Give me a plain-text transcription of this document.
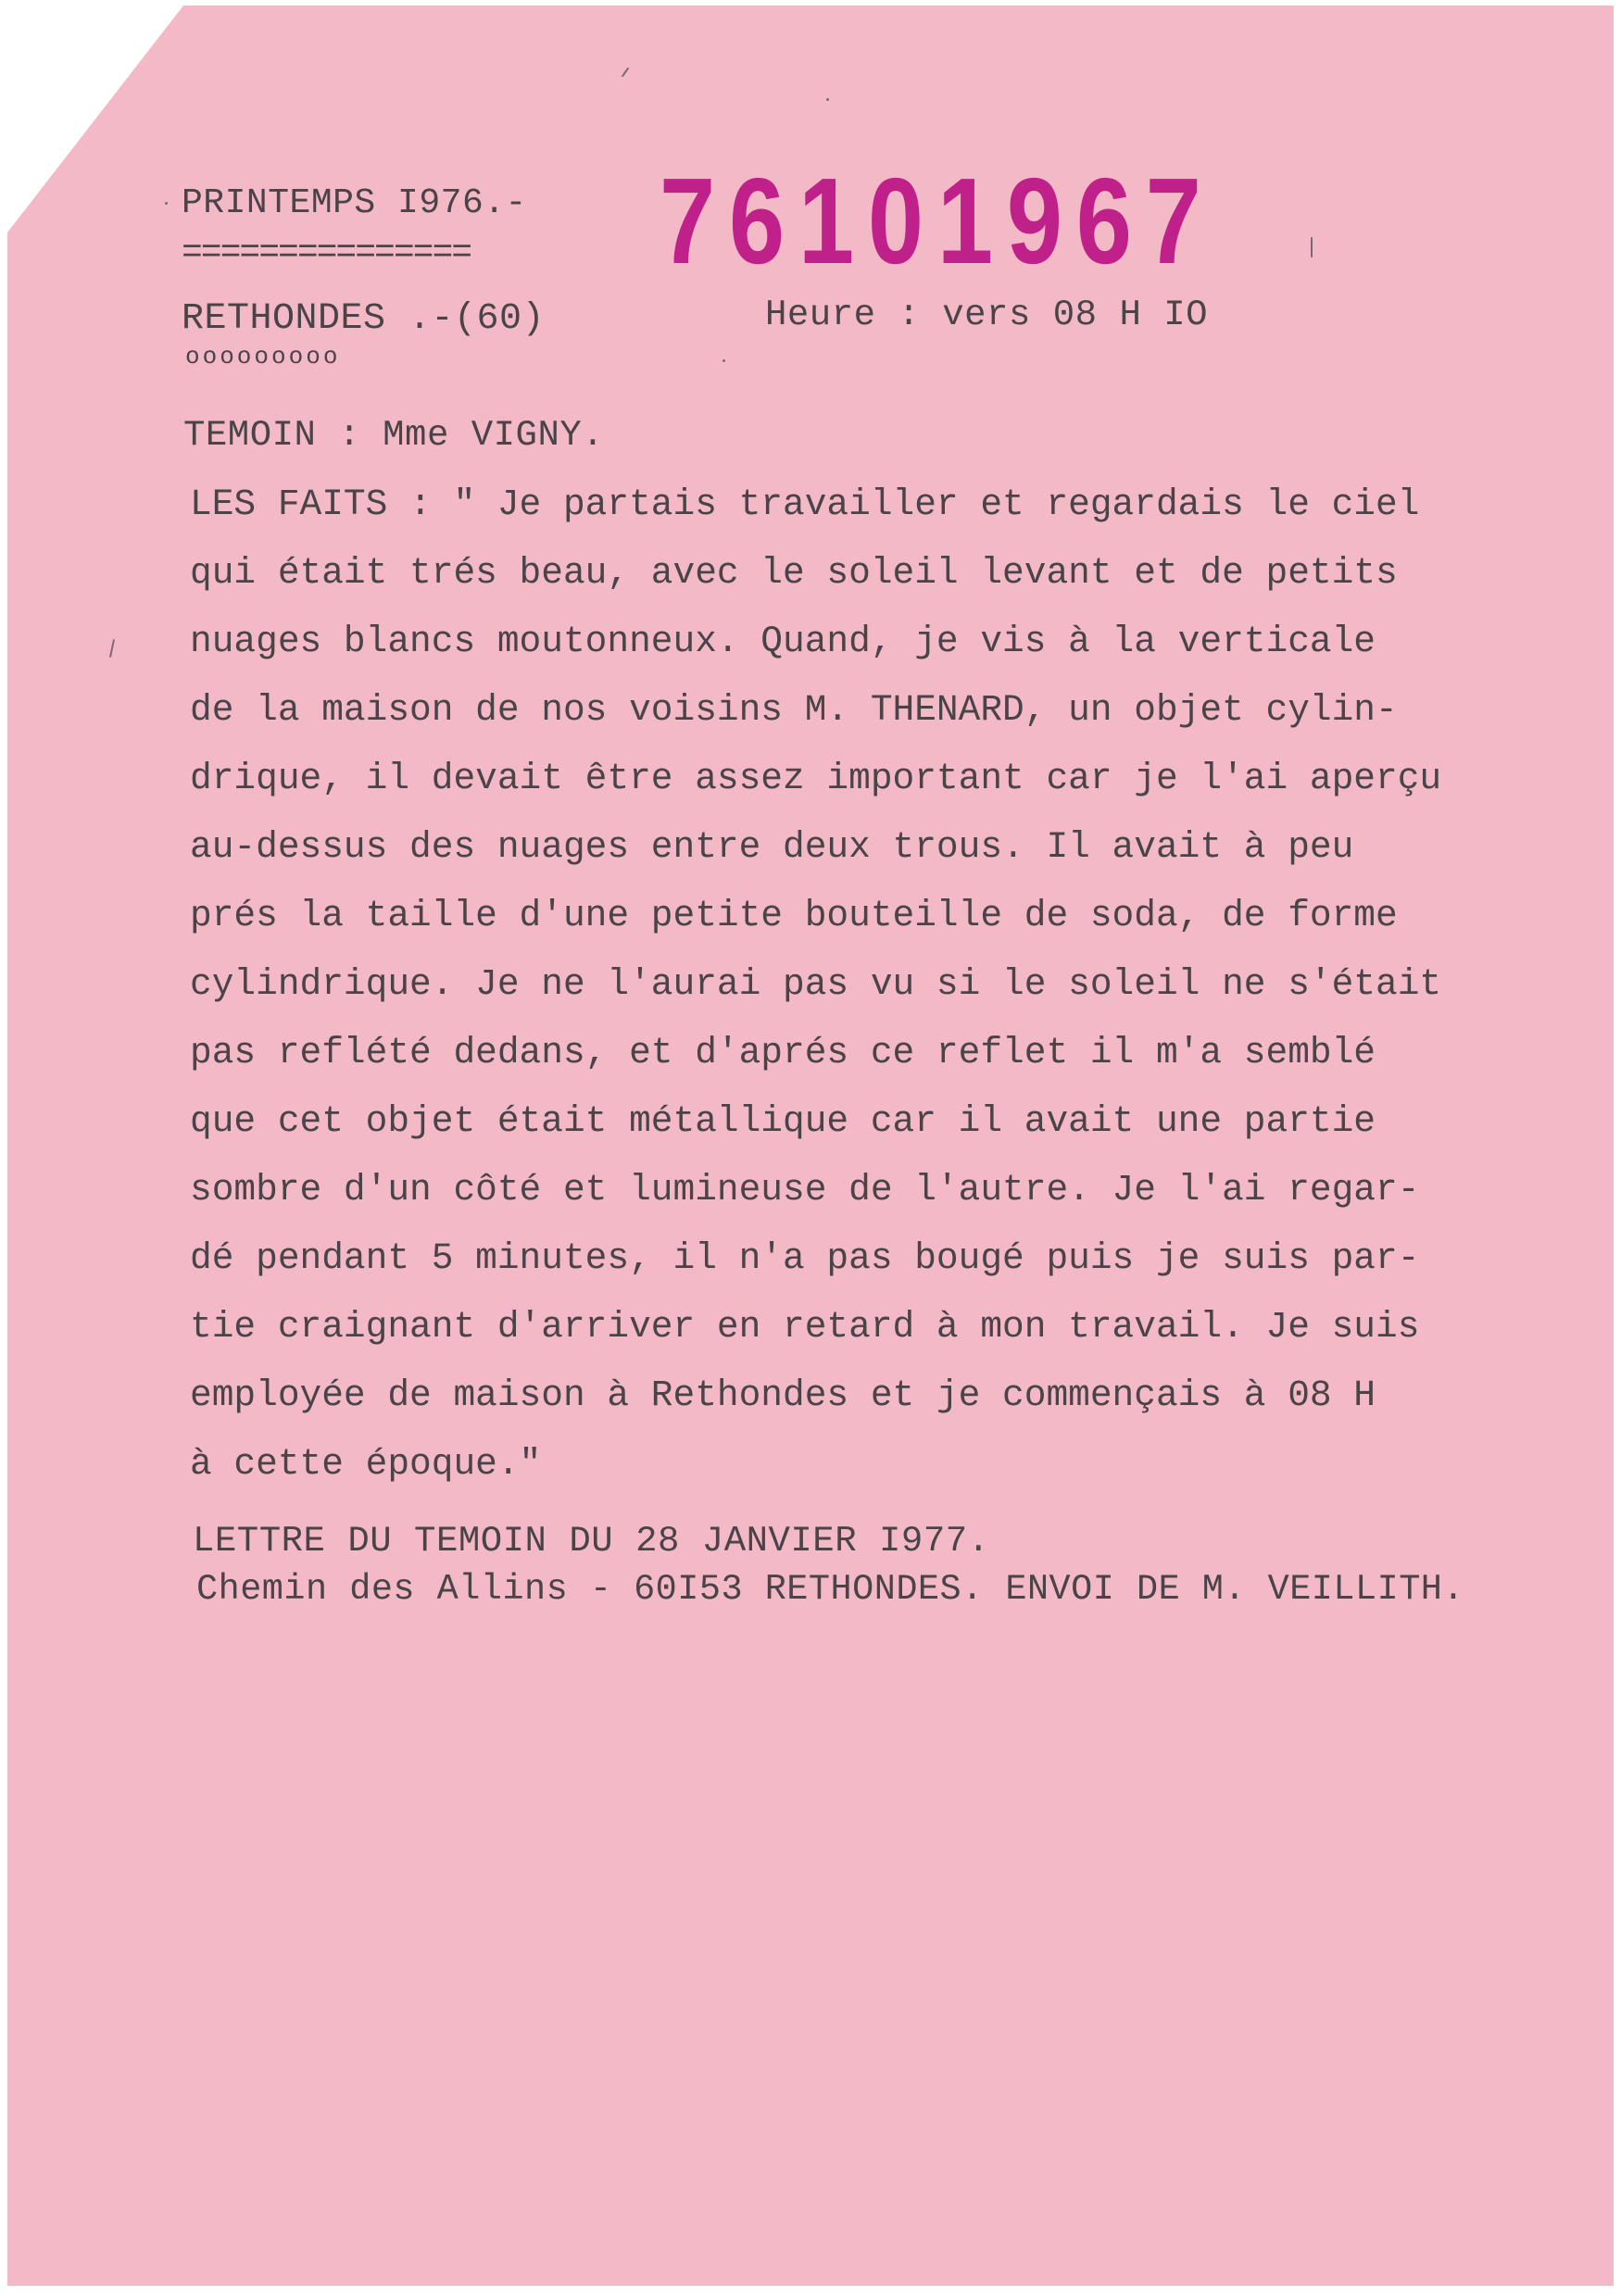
PRINTEMPS I976.-
=============== 76101967
RETHONDES .-(60)
ooooooooo
Heure : vers 08 H IO
TEMOIN : Mme VIGNY.
LES FAITS : " Je partais travailler et regardais le ciel
qui était trés beau, avec le soleil levant et de petits
nuages blancs moutonneux. Quand, je vis à la verticale
de la maison de nos voisins M. THENARD, un objet cylin-
drique, il devait être assez important car je l'ai aperçu
au-dessus des nuages entre deux trous. Il avait à peu
prés la taille d'une petite bouteille de soda, de forme
cylindrique. Je ne l'aurai pas vu si le soleil ne s'était
pas reflété dedans, et d'aprés ce reflet il m'a semblé
que cet objet était métallique car il avait une partie
sombre d'un côté et lumineuse de l'autre. Je l'ai regar-
dé pendant 5 minutes, il n'a pas bougé puis je suis par-
tie craignant d'arriver en retard à mon travail. Je suis
employée de maison à Rethondes et je commençais à 08 H
à cette époque."
LETTRE DU TEMOIN DU 28 JANVIER I977.
Chemin des Allins - 60I53 RETHONDES. ENVOI DE M. VEILLITH.
